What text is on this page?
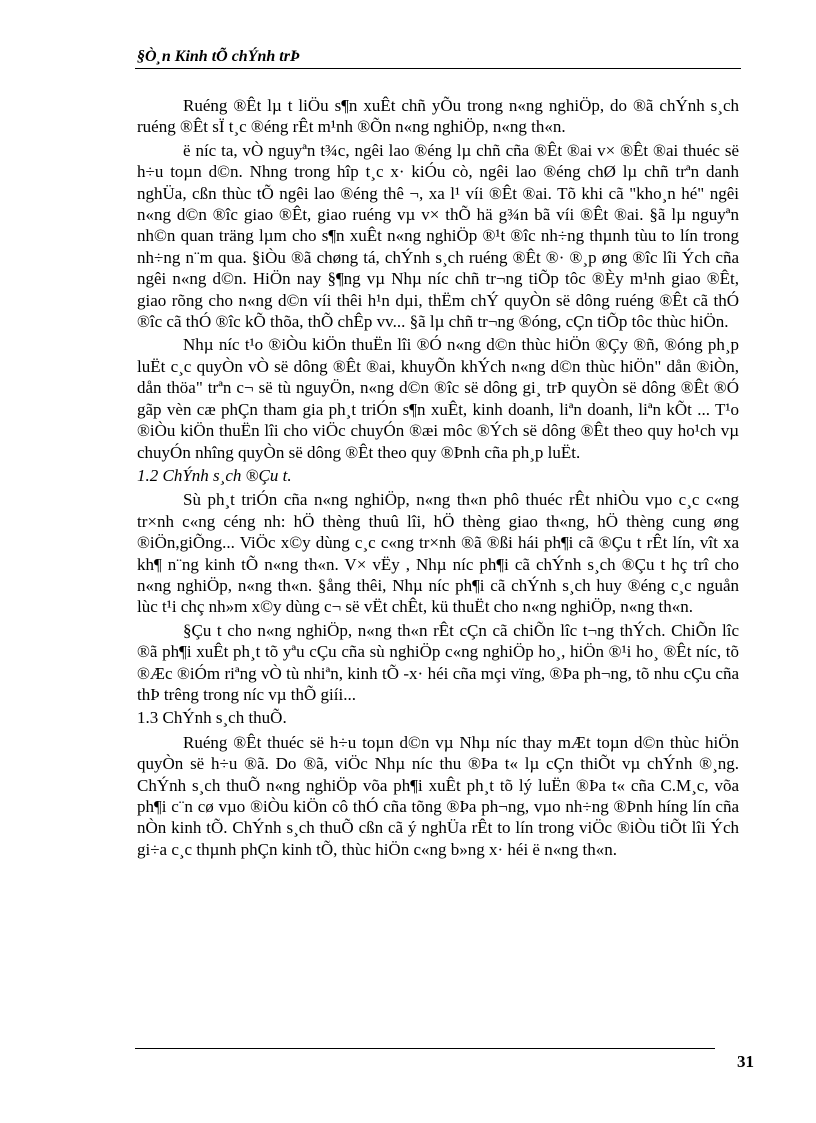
§Ò¸n Kinh tÕ chÝnh trÞ

Ruéng ®Êt lµ t liÖu s¶n xuÊt chñ yÕu trong n«ng nghiÖp, do ®ã chÝnh s¸ch ruéng ®Êt sÏ t¸c ®éng rÊt m¹nh ®Õn n«ng nghiÖp, n«ng th«n.

ë níc ta, vÒ nguyªn t¾c, ngêi lao ®éng lµ chñ cña ®Êt ®ai v× ®Êt ®ai thuéc së h÷u toµn d©n. Nhng trong hîp t¸c x· kiÓu cò, ngêi lao ®éng chØ lµ chñ trªn danh nghÜa, cßn thùc tÕ ngêi lao ®éng thê ¬, xa l¹ víi ®Êt ®ai. Tõ khi cã "kho¸n hé" ngêi n«ng d©n ®îc giao ®Êt, giao ruéng vµ v× thÕ hä g¾n bã víi ®Êt ®ai. §ã lµ nguyªn nh©n quan träng lµm cho s¶n xuÊt n«ng nghiÖp ®¹t ®îc nh÷ng thµnh tùu to lín trong nh÷ng n¨m qua. §iÒu ®ã chøng tá, chÝnh s¸ch ruéng ®Êt ®· ®¸p øng ®îc lîi Ých cña ngêi n«ng d©n. HiÖn nay §¶ng vµ Nhµ níc chñ tr¬ng tiÕp tôc ®Èy m¹nh giao ®Êt, giao rõng cho n«ng d©n víi thêi h¹n dµi, thËm chÝ quyÒn së dông ruéng ®Êt cã thÓ ®îc cã thÓ ®îc kÕ thõa, thÕ chÊp vv... §ã lµ chñ tr¬ng ®óng, cÇn tiÕp tôc thùc hiÖn.

Nhµ níc t¹o ®iÒu kiÖn thuËn lîi ®Ó n«ng d©n thùc hiÖn ®Çy ®ñ, ®óng ph¸p luËt c¸c quyÒn vÒ së dông ®Êt ®ai, khuyÕn khÝch n«ng d©n thùc hiÖn" dån ®iÒn, dån thöa" trªn c¬ së tù nguyÖn, n«ng d©n ®îc së dông gi¸ trÞ quyÒn së dông ®Êt ®Ó gãp vèn cæ phÇn tham gia ph¸t triÓn s¶n xuÊt, kinh doanh, liªn doanh, liªn kÕt ... T¹o ®iÒu kiÖn thuËn lîi cho viÖc chuyÓn ®æi môc ®Ých së dông ®Êt theo quy ho¹ch vµ chuyÓn nhîng quyÒn së dông ®Êt theo quy ®Þnh cña ph¸p luËt.

1.2 ChÝnh s¸ch ®Çu t.

Sù ph¸t triÓn cña n«ng nghiÖp, n«ng th«n phô thuéc rÊt nhiÒu vµo c¸c c«ng tr×nh c«ng céng nh: hÖ thèng thuû lîi, hÖ thèng giao th«ng, hÖ thèng cung øng ®iÖn,giÕng... ViÖc x©y dùng c¸c c«ng tr×nh ®ã ®ßi hái ph¶i cã ®Çu t rÊt lín, vît xa kh¶ n¨ng kinh tÕ n«ng th«n. V× vËy , Nhµ níc ph¶i cã chÝnh s¸ch ®Çu t hç trî cho n«ng nghiÖp, n«ng th«n. §ång thêi, Nhµ níc ph¶i cã chÝnh s¸ch huy ®éng c¸c nguån lùc t¹i chç nh»m x©y dùng c¬ së vËt chÊt, kü thuËt cho n«ng nghiÖp, n«ng th«n.

§Çu t cho n«ng nghiÖp, n«ng th«n rÊt cÇn cã chiÕn lîc t¬ng thÝch. ChiÕn lîc ®ã ph¶i xuÊt ph¸t tõ yªu cÇu cña sù nghiÖp c«ng nghiÖp ho¸, hiÖn ®¹i ho¸ ®Êt níc, tõ ®Æc ®iÓm riªng vÒ tù nhiªn, kinh tÕ -x· héi cña mçi vïng, ®Þa ph¬ng, tõ nhu cÇu cña thÞ trêng trong níc vµ thÕ giíi...

1.3 ChÝnh s¸ch thuÕ.

Ruéng ®Êt thuéc së h÷u toµn d©n vµ Nhµ níc thay mÆt toµn d©n thùc hiÖn quyÒn së h÷u ®ã. Do ®ã, viÖc Nhµ níc thu ®Þa t« lµ cÇn thiÕt vµ chÝnh ®¸ng. ChÝnh s¸ch thuÕ n«ng nghiÖp võa ph¶i xuÊt ph¸t tõ lý luËn ®Þa t« cña C.M¸c, võa ph¶i c¨n cø vµo ®iÒu kiÖn cô thÓ cña tõng ®Þa ph¬ng, vµo nh÷ng ®Þnh híng lín cña nÒn kinh tÕ. ChÝnh s¸ch thuÕ cßn cã ý nghÜa rÊt to lín trong viÖc ®iÒu tiÕt lîi Ých gi÷a c¸c thµnh phÇn kinh tÕ, thùc hiÖn c«ng b»ng x· héi ë n«ng th«n.

31
